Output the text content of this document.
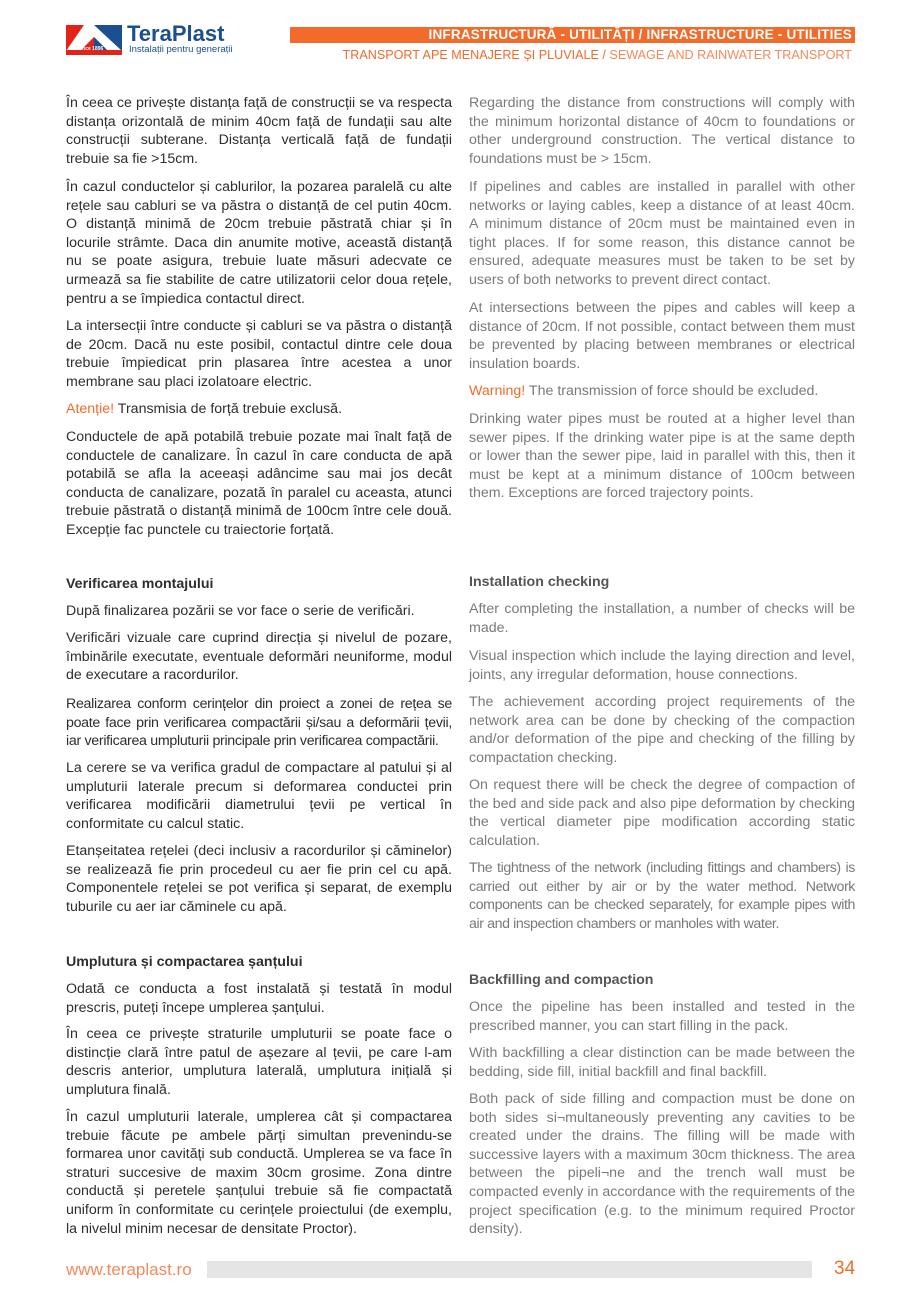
since 1896
TeraPlast
Instalații pentru generații
INFRASTRUCTURĂ - UTILITĂȚI / INFRASTRUCTURE - UTILITIES
TRANSPORT APE MENAJERE ȘI PLUVIALE / SEWAGE AND RAINWATER TRANSPORT

În ceea ce privește distanța față de construcții se va respecta distanța orizontală de minim 40cm față de fundații sau alte construcții subterane. Distanța verticală față de fundații trebuie sa fie >15cm.

În cazul conductelor și cablurilor, la pozarea paralelă cu alte rețele sau cabluri se va păstra o distanță de cel putin 40cm. O distanță minimă de 20cm trebuie păstrată chiar și în locurile strâmte. Daca din anumite motive, această distanță nu se poate asigura, trebuie luate măsuri adecvate ce urmează sa fie stabilite de catre utilizatorii celor doua rețele, pentru a se împiedica contactul direct.

La intersecții între conducte și cabluri se va păstra o distanță de 20cm. Dacă nu este posibil, contactul dintre cele doua trebuie împiedicat prin plasarea între acestea a unor membrane sau placi izolatoare electric.

Atenție! Transmisia de forță trebuie exclusă.

Conductele de apă potabilă trebuie pozate mai înalt față de conductele de canalizare. În cazul în care conducta de apă potabilă se afla la aceeași adâncime sau mai jos decât conducta de canalizare, pozată în paralel cu aceasta, atunci trebuie păstrată o distanță minimă de 100cm între cele două. Excepție fac punctele cu traiectorie forțată.

Verificarea montajului

După finalizarea pozării se vor face o serie de verificări.

Verificări vizuale care cuprind direcția și nivelul de pozare, îmbinările executate, eventuale deformări neuniforme, modul de executare a racordurilor.

Realizarea conform cerințelor din proiect a zonei de rețea se poate face prin verificarea compactării și/sau a deformării țevii, iar verificarea umpluturii principale prin verificarea compactării.

La cerere se va verifica gradul de compactare al patului și al umpluturii laterale precum si deformarea conductei prin verificarea modificării diametrului țevii pe vertical în conformitate cu calcul static.

Etanșeitatea rețelei (deci inclusiv a racordurilor și căminelor) se realizează fie prin procedeul cu aer fie prin cel cu apă. Componentele rețelei se pot verifica și separat, de exemplu tuburile cu aer iar căminele cu apă.

Umplutura și compactarea șanțului

Odată ce conducta a fost instalată și testată în modul prescris, puteți începe umplerea șanțului.

În ceea ce privește straturile umpluturii se poate face o distincție clară între patul de așezare al țevii, pe care l-am descris anterior, umplutura laterală, umplutura inițială și umplutura finală.

În cazul umpluturii laterale, umplerea cât și compactarea trebuie făcute pe ambele părți simultan prevenindu-se formarea unor cavități sub conductă. Umplerea se va face în straturi succesive de maxim 30cm grosime. Zona dintre conductă și peretele șanțului trebuie să fie compactată uniform în conformitate cu cerințele proiectului (de exemplu, la nivelul minim necesar de densitate Proctor).

Regarding the distance from constructions will comply with the minimum horizontal distance of 40cm to foundations or other underground construction. The vertical distance to foundations must be > 15cm.

If pipelines and cables are installed in parallel with other networks or laying cables, keep a distance of at least 40cm. A minimum distance of 20cm must be maintained even in tight places. If for some reason, this distance cannot be ensured, adequate measures must be taken to be set by users of both networks to prevent direct contact.

At intersections between the pipes and cables will keep a distance of 20cm. If not possible, contact between them must be prevented by placing between membranes or electrical insulation boards.

Warning! The transmission of force should be excluded.

Drinking water pipes must be routed at a higher level than sewer pipes. If the drinking water pipe is at the same depth or lower than the sewer pipe, laid in parallel with this, then it must be kept at a minimum distance of 100cm between them. Exceptions are forced trajectory points.

Installation checking

After completing the installation, a number of checks will be made.

Visual inspection which include the laying direction and level, joints, any irregular deformation, house connections.

The achievement according project requirements of the network area can be done by checking of the compaction and/or deformation of the pipe and checking of the filling by compactation checking.

On request there will be check the degree of compaction of the bed and side pack and also pipe deformation by checking the vertical diameter pipe modification according static calculation.

The tightness of the network (including fittings and chambers) is carried out either by air or by the water method. Network components can be checked separately, for example pipes with air and inspection chambers or manholes with water.

Backfilling and compaction

Once the pipeline has been installed and tested in the prescribed manner, you can start filling in the pack.

With backfilling a clear distinction can be made between the bedding, side fill, initial backfill and final backfill.

Both pack of side filling and compaction must be done on both sides si¬multaneously preventing any cavities to be created under the drains. The filling will be made with successive layers with a maximum 30cm thickness. The area between the pipeli¬ne and the trench wall must be compacted evenly in accordance with the requirements of the project specification (e.g. to the minimum required Proctor density).

www.teraplast.ro	34
